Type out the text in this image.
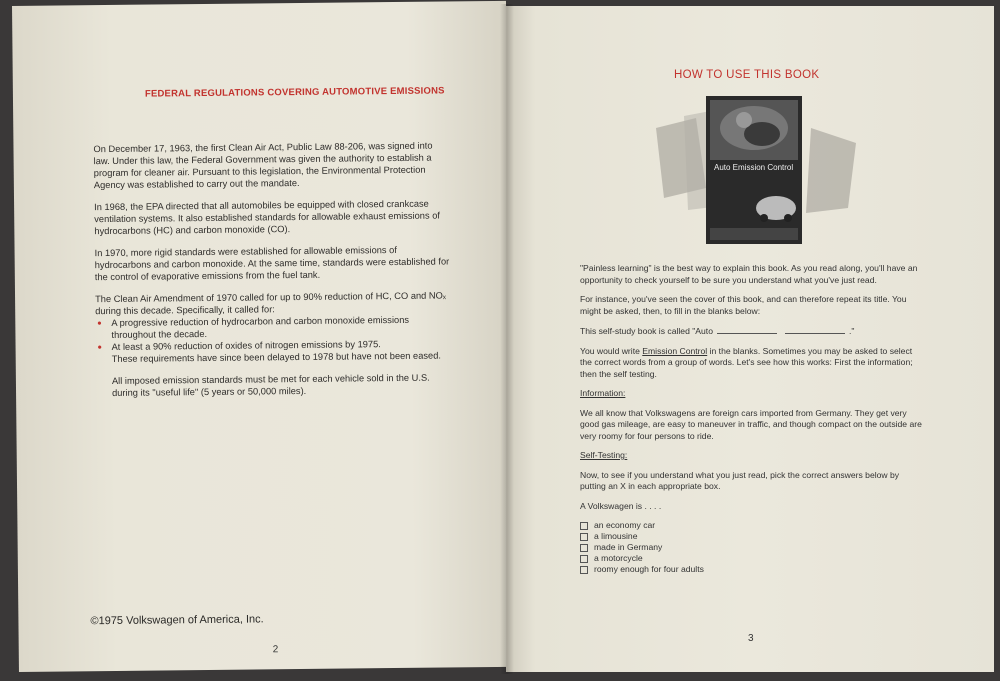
FEDERAL REGULATIONS COVERING AUTOMOTIVE EMISSIONS

On December 17, 1963, the first Clean Air Act, Public Law 88-206, was signed into law. Under this law, the Federal Government was given the authority to establish a program for cleaner air. Pursuant to this legislation, the Environmental Protection Agency was established to carry out the mandate.

In 1968, the EPA directed that all automobiles be equipped with closed crankcase ventilation systems. It also established standards for allowable exhaust emissions of hydrocarbons (HC) and carbon monoxide (CO).

In 1970, more rigid standards were established for allowable emissions of hydrocarbons and carbon monoxide. At the same time, standards were established for the control of evaporative emissions from the fuel tank.

The Clean Air Amendment of 1970 called for up to 90% reduction of HC, CO and NOₓ during this decade. Specifically, it called for:

• A progressive reduction of hydrocarbon and carbon monoxide emissions throughout the decade.
• At least a 90% reduction of oxides of nitrogen emissions by 1975.
These requirements have since been delayed to 1978 but have not been eased.
All imposed emission standards must be met for each vehicle sold in the U.S. during its "useful life" (5 years or 50,000 miles).
©1975 Volkswagen of America, Inc.
2
HOW TO USE THIS BOOK
Auto Emission Control

"Painless learning" is the best way to explain this book. As you read along, you'll have an opportunity to check yourself to be sure you understand what you've just read.

For instance, you've seen the cover of this book, and can therefore repeat its title. You might be asked, then, to fill in the blanks below:

This self-study book is called "Auto	."

You would write Emission Control in the blanks. Sometimes you may be asked to select the correct words from a group of words. Let's see how this works: First the information; then the self testing.

Information:

We all know that Volkswagens are foreign cars imported from Germany. They get very good gas mileage, are easy to maneuver in traffic, and though compact on the outside are very roomy for four persons to ride.

Self-Testing:

Now, to see if you understand what you just read, pick the correct answers below by putting an X in each appropriate box.

A Volkswagen is . . . .

an economy car
a limousine
made in Germany
a motorcycle
roomy enough for four adults
3
